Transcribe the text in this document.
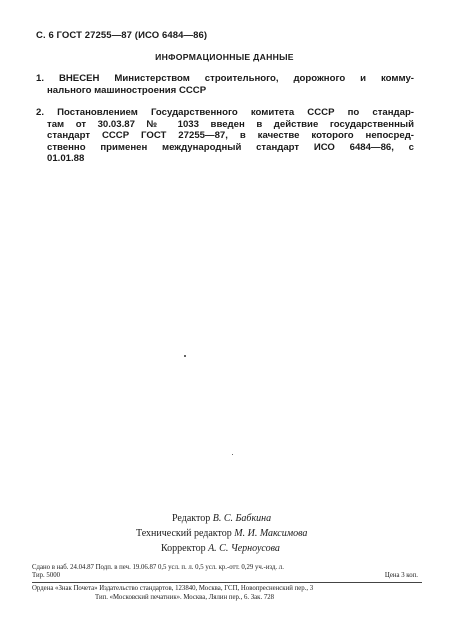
С. 6 ГОСТ 27255—87 (ИСО 6484—86)
ИНФОРМАЦИОННЫЕ ДАННЫЕ
1. ВНЕСЕН Министерством строительного, дорожного и комму-
нального машиностроения СССР
2. Постановлением Государственного комитета СССР по стандар-
там от 30.03.87 № 1033 введен в действие государственный
стандарт СССР ГОСТ 27255—87, в качестве которого непосред-
ственно применен международный стандарт ИСО 6484—86, с
01.01.88
Редактор В. С. Бабкина
Технический редактор М. И. Максимова
Корректор А. С. Черноусова
Сдано в наб. 24.04.87 Подп. в печ. 19.06.87 0,5 усл. п. л. 0,5 усл. кр.-отт. 0,29 уч.-изд. л.
Тир. 5000	Цена 3 коп.
Ордена «Знак Почета» Издательство стандартов, 123840, Москва, ГСП, Новопресненский пер., 3
Тип. «Московский печатник». Москва, Лялин пер., 6. Зак. 728
